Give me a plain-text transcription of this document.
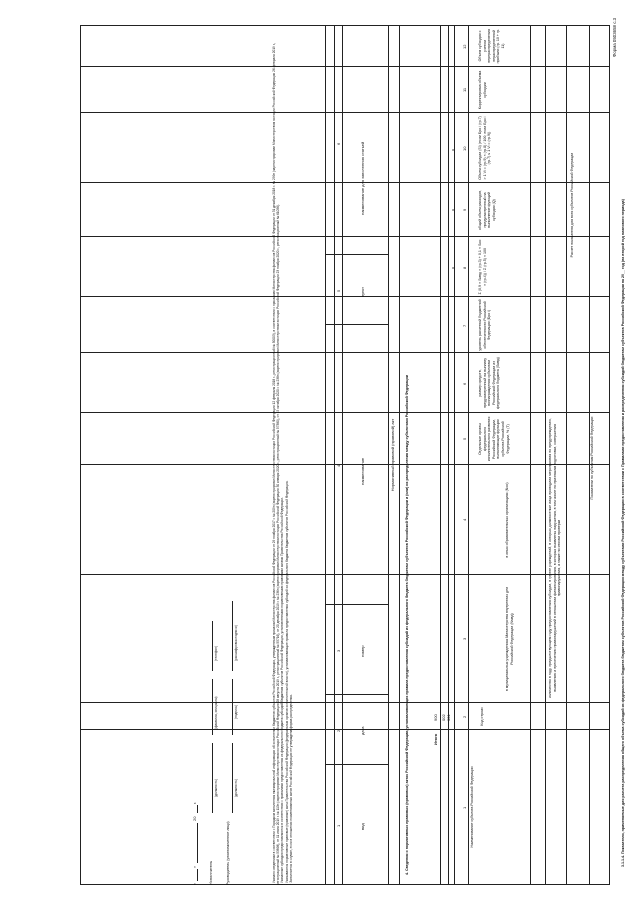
Форма 0503658 с.3
3.1.1.4. Показатели, применяемые для расчета распределения общего объема субсидий из федерального бюджета бюджетам субъектов Российской Федерации между субъектами Российской Федерации в соответствии с Правилами предоставления и распределения субсидий бюджетам субъектов Российской Федерации на 20__ год (на второй год планового периода)
Наименование субъекта Российской Федерации
Код строки
Показатели по субъектам Российской Федерации
количество в году, предшествующем году предоставления субсидии, в группе учреждений, в которых должностные лица проводили мероприятия по предупреждению, выявлению и пресечению правонарушений в отношении финансирования, в которых выявлены нарушения, в том числе по признакам подготовки, совершения правонарушения, а также по итогам проверки
в муниципальных учреждениях Министерства внутренних дел Российской Федерации (Nмвд)
в иных образовательных организациях (Nоо)
Отдельные органы федерального исполнительного развития Российской Федерации, выполняющие функции субъекта Российской Федерации, % (Т)
размер средств, предусмотренный на выплату вознаграждения субъектам Российской Федерации из федерального бюджета (Sмвд)
уровень расчетной бюджетной обеспеченности Российской Федерации (Бро i)
Расчет показателя для всех субъектов Российской Федерации
Σ (0,9 × Sмвд × (гр.3) + 0,1 × Sоо × (гр.4)) / Σ (гр.5) × 100
общий объем расходов, предусмотренный на выполнение функций субсидии (Q)
Объем субсидии (Si) (если Бро i (гр.7) > 1 Vi = (гр.9) × (гр.8) / 100; если Бро i (гр.7) ≤ 1 Vi = (гр.9))
Корректировка объема субсидии
Объем субсидии с учетом перераспределения нераспределенной прибыли (гр. 10 + гр. 11)
1
2
3
4
5
6
7
8
9
10
11
12
001
002
Итого
900
x
x
x
4. Сведения о нормативных правовых (правовых) актах Российской Федерации, устанавливающих правила предоставления субсидий из федерального бюджета бюджетам субъектов Российской Федерации и (или) их распределения между субъектами Российской Федерации
Нормативный правовой (правовой) акт
вид
дата
номер
наименование
пункт
наименование для заполнения статьей
1
2
3
4
5
6
¹ Указано сведениям в соответствии с Порядком заполнения ежеквартальной информации об исполнении бюджетов субъектов Российской Федерации, утвержденным приказом Министерства финансов Российской Федерации от 29 ноября 2017 г. № 209н (зарегистрирован Министерством юстиции Российской Федерации 12 февраля 2018 г., регистрационный № 50003), в соответствии с приказами Министерства финансов Российской Федерации от 31 декабря 2018 г. № 299н (зарегистрирован Министерством юстиции Российской Федерации 26 февраля 2019 г., регистрационный № 53898), от 11 июля 2019 г. № 113н (зарегистрирован Министерством юстиции Российской Федерации 28 августа 2019 г., регистрационный № 55716), от 20 декабря 2019 г. № 236н (зарегистрирован Министерством юстиции Российской Федерации 30 января 2020 г., регистрационный № 57380), от 15 октября 2020 г. № 238н (зарегистрирован Министерством юстиции Российской Федерации 23 ноября 2020 г., регистрационный № 61056). ² Указанные субсидии предоставляются в соответствии с правилами предоставления из федерального бюджета субсидий бюджетам субъектов Российской Федерации, установленными нормативными правовыми актами Правительства Российской Федерации. ³ Указываются нормативные правовые (правовые) акты Правительства Российской Федерации (федеральных органов исполнительной власти), устанавливающие правила предоставления субсидий из федерального бюджета бюджетам субъектов Российской Федерации. ⁴ Заполняется в случае, если в отношении поименованных актов Российской Федерации не утверждена форма распределения.
Руководитель (уполномоченное лицо)
(должность)
(подпись)
(расшифровка подписи)
Исполнитель
(должность)
(фамилия, инициалы)
(телефон)
«
»
20
г.
